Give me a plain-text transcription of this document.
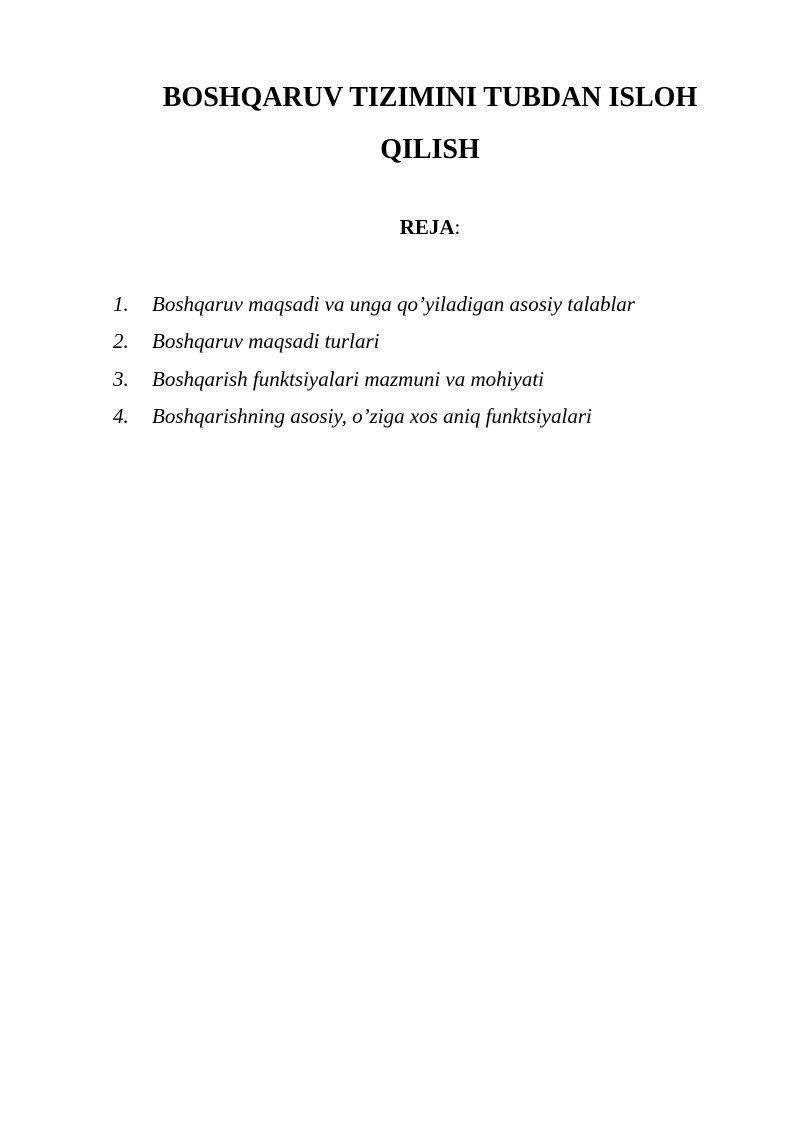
BOSHQARUV TIZIMINI TUBDAN ISLOH
QILISH

REJA:

1.	Boshqaruv maqsadi va unga qo’yiladigan asosiy talablar
2.	Boshqaruv maqsadi turlari
3.	Boshqarish funktsiyalari mazmuni va mohiyati
4.	Boshqarishning asosiy, o’ziga xos aniq funktsiyalari
